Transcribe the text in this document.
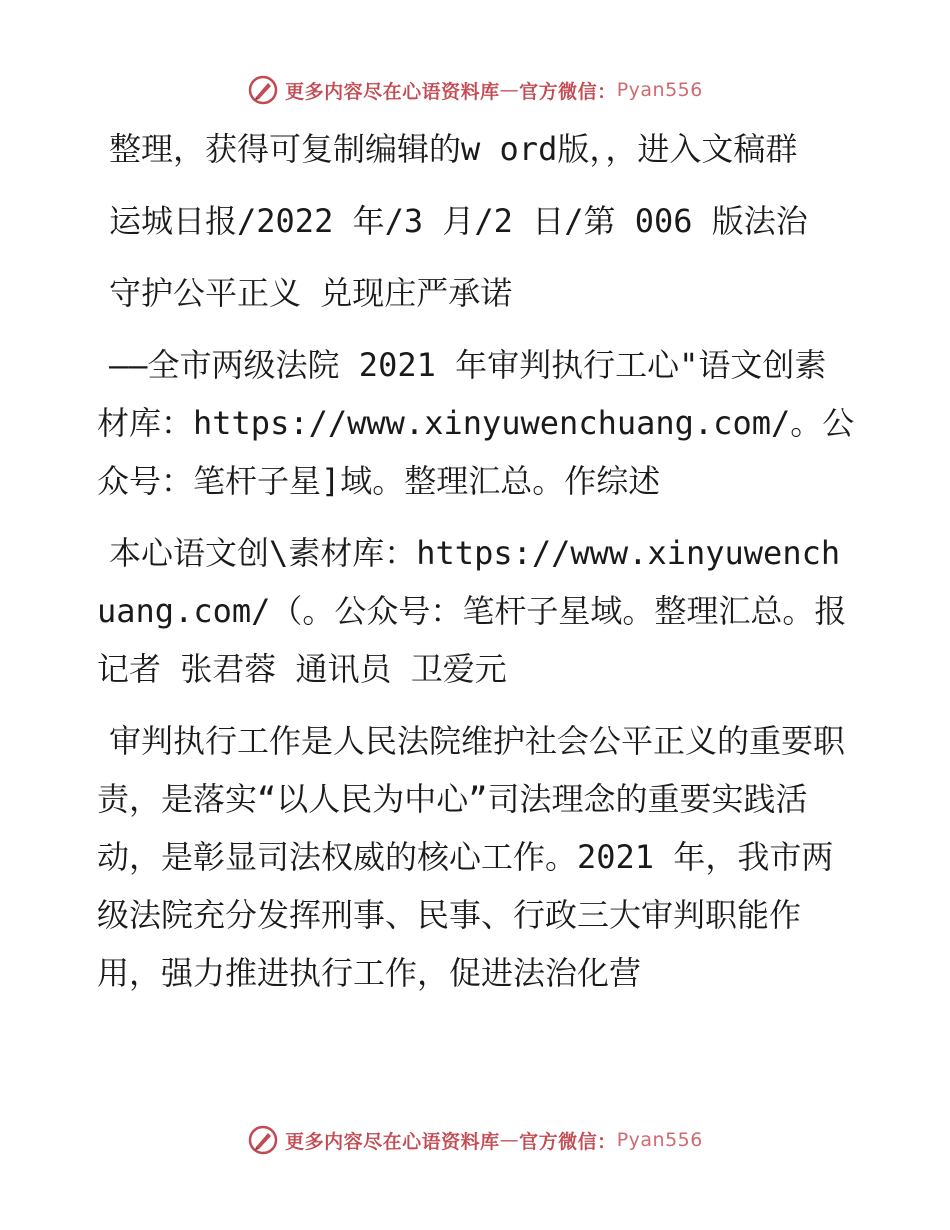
更多内容尽在心语资料库 — 官方微信： Pyan556

整理，获得可复制编辑的w ord版，，进入文稿群

运城日报/2022 年/3 月/2 日/第 006 版法治

守护公平正义 兑现庄严承诺

——全市两级法院 2021 年审判执行工心"语文创素材库：https://www.xinyuwenchuang.com/。公众号：笔杆子星]域。整理汇总。作综述

本心语文创\素材库：https://www.xinyuwenchuang.com/（。公众号：笔杆子星域。整理汇总。报记者 张君蓉 通讯员 卫爱元

审判执行工作是人民法院维护社会公平正义的重要职责，是落实“以人民为中心”司法理念的重要实践活动，是彰显司法权威的核心工作。2021 年，我市两级法院充分发挥刑事、民事、行政三大审判职能作用，强力推进执行工作，促进法治化营

更多内容尽在心语资料库 — 官方微信： Pyan556
